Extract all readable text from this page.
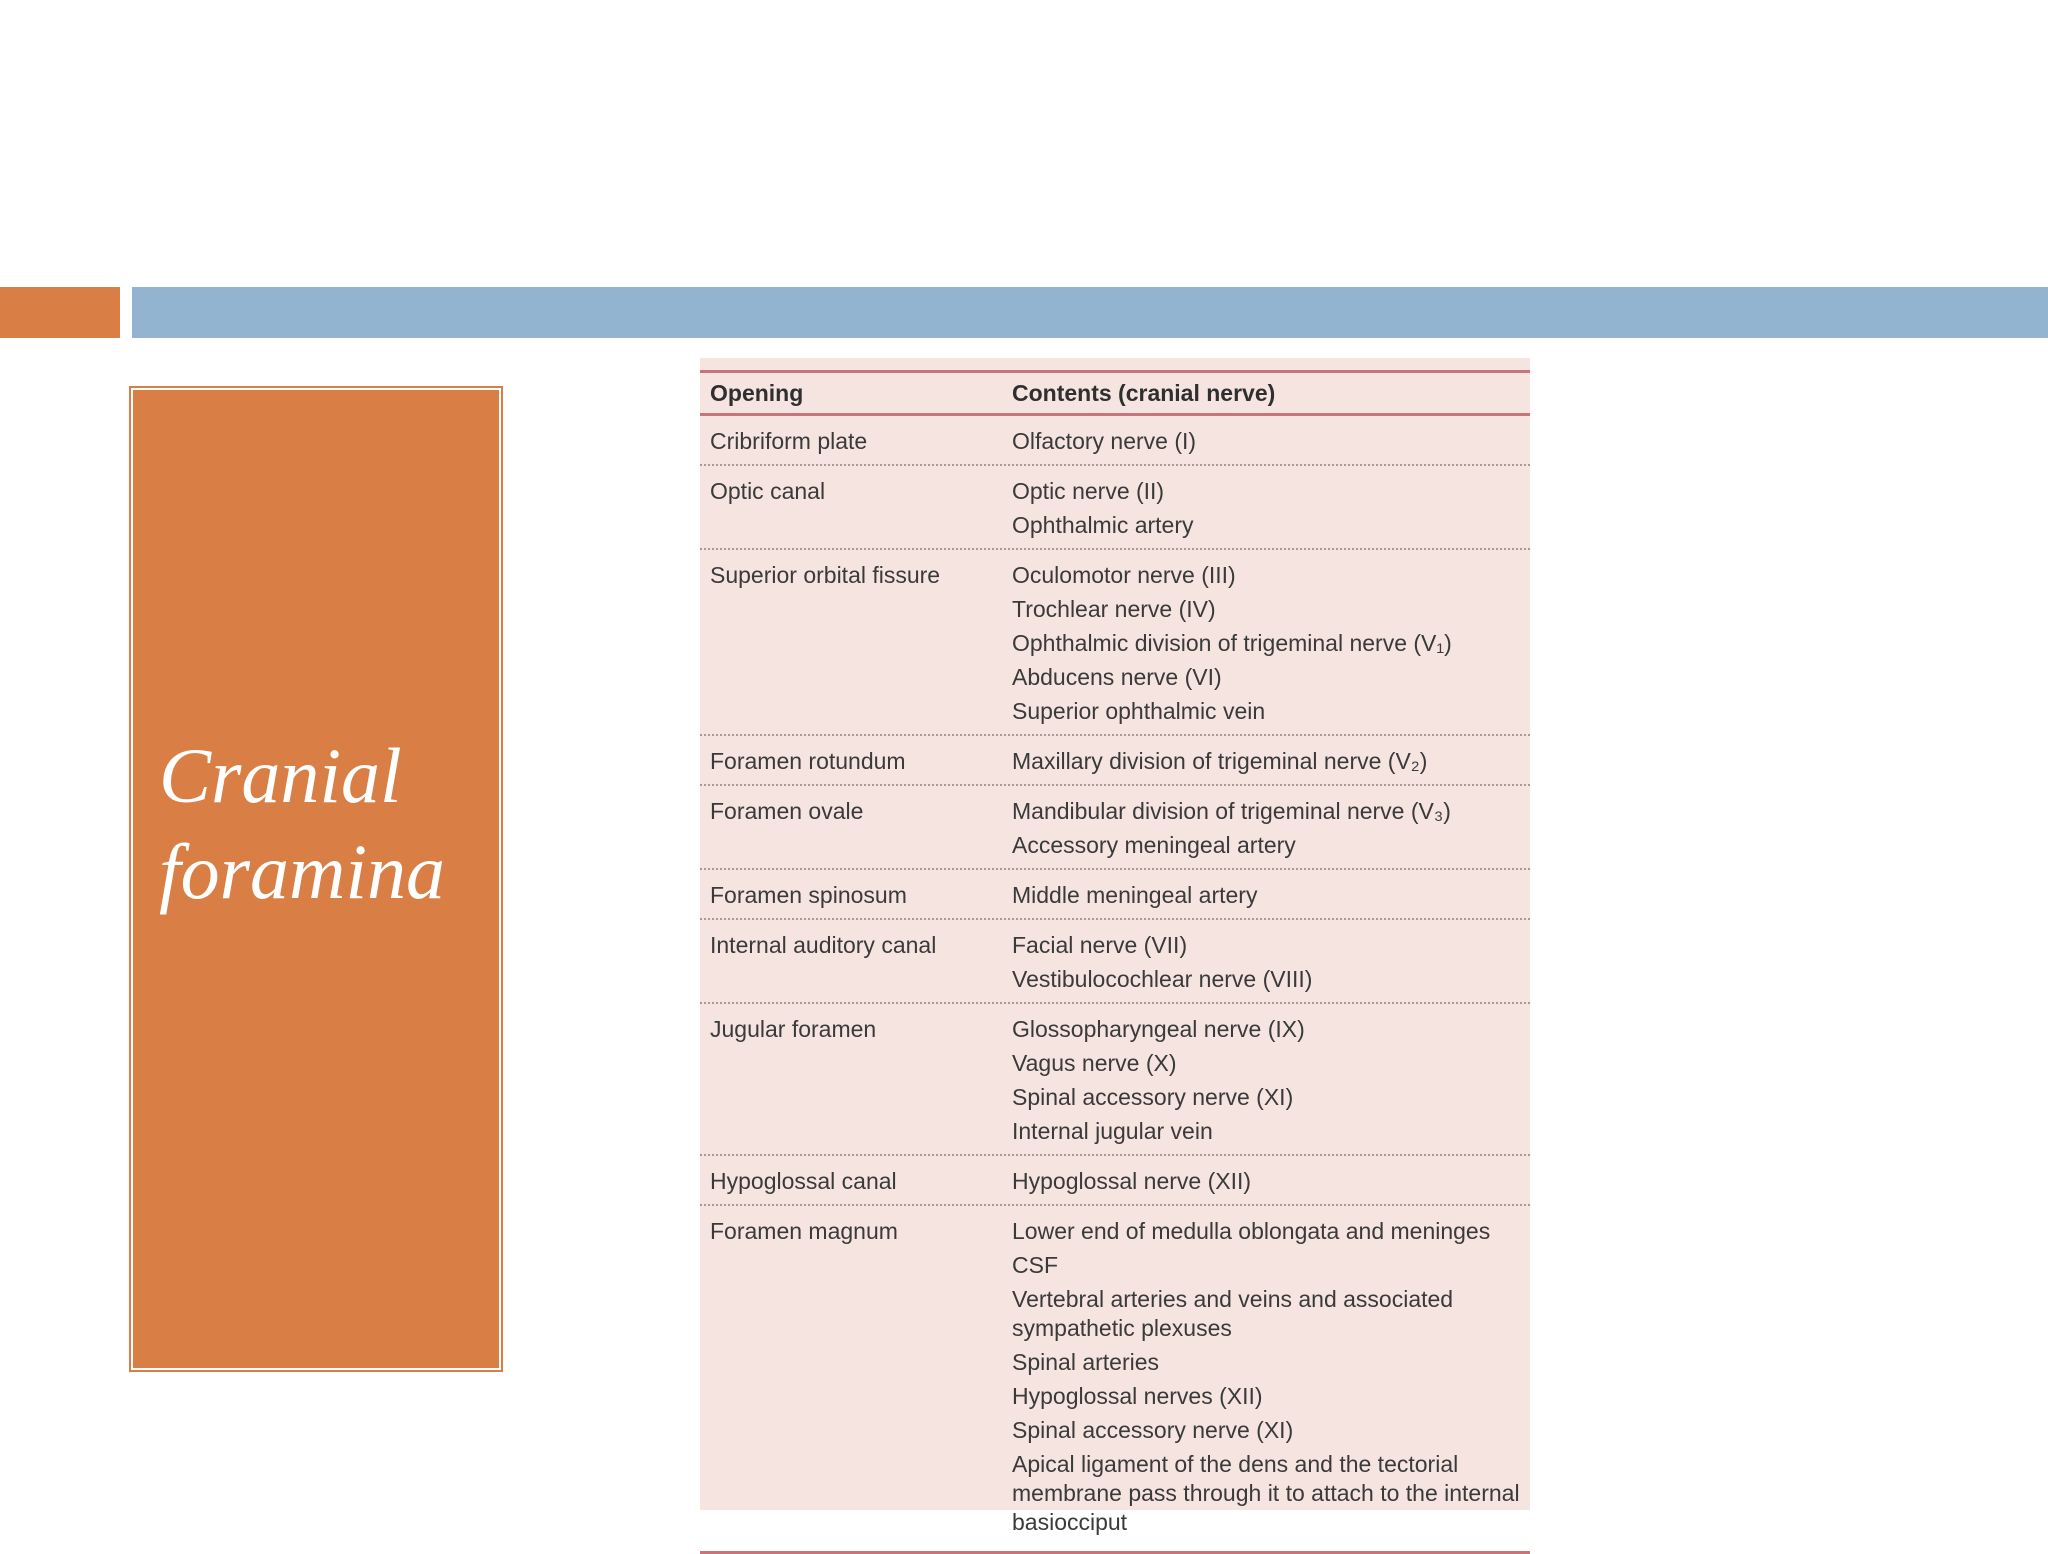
Cranial
foramina
Opening	Contents (cranial nerve)
Cribriform plate	Olfactory nerve (I)
Optic canal	Optic nerve (II)
Ophthalmic artery
Superior orbital fissure	Oculomotor nerve (III)
Trochlear nerve (IV)
Ophthalmic division of trigeminal nerve (V₁)
Abducens nerve (VI)
Superior ophthalmic vein
Foramen rotundum	Maxillary division of trigeminal nerve (V₂)
Foramen ovale	Mandibular division of trigeminal nerve (V₃)
Accessory meningeal artery
Foramen spinosum	Middle meningeal artery
Internal auditory canal	Facial nerve (VII)
Vestibulocochlear nerve (VIII)
Jugular foramen	Glossopharyngeal nerve (IX)
Vagus nerve (X)
Spinal accessory nerve (XI)
Internal jugular vein
Hypoglossal canal	Hypoglossal nerve (XII)
Foramen magnum	Lower end of medulla oblongata and meninges
CSF
Vertebral arteries and veins and associated sympathetic plexuses
Spinal arteries
Hypoglossal nerves (XII)
Spinal accessory nerve (XI)
Apical ligament of the dens and the tectorial membrane pass through it to attach to the internal basiocciput
